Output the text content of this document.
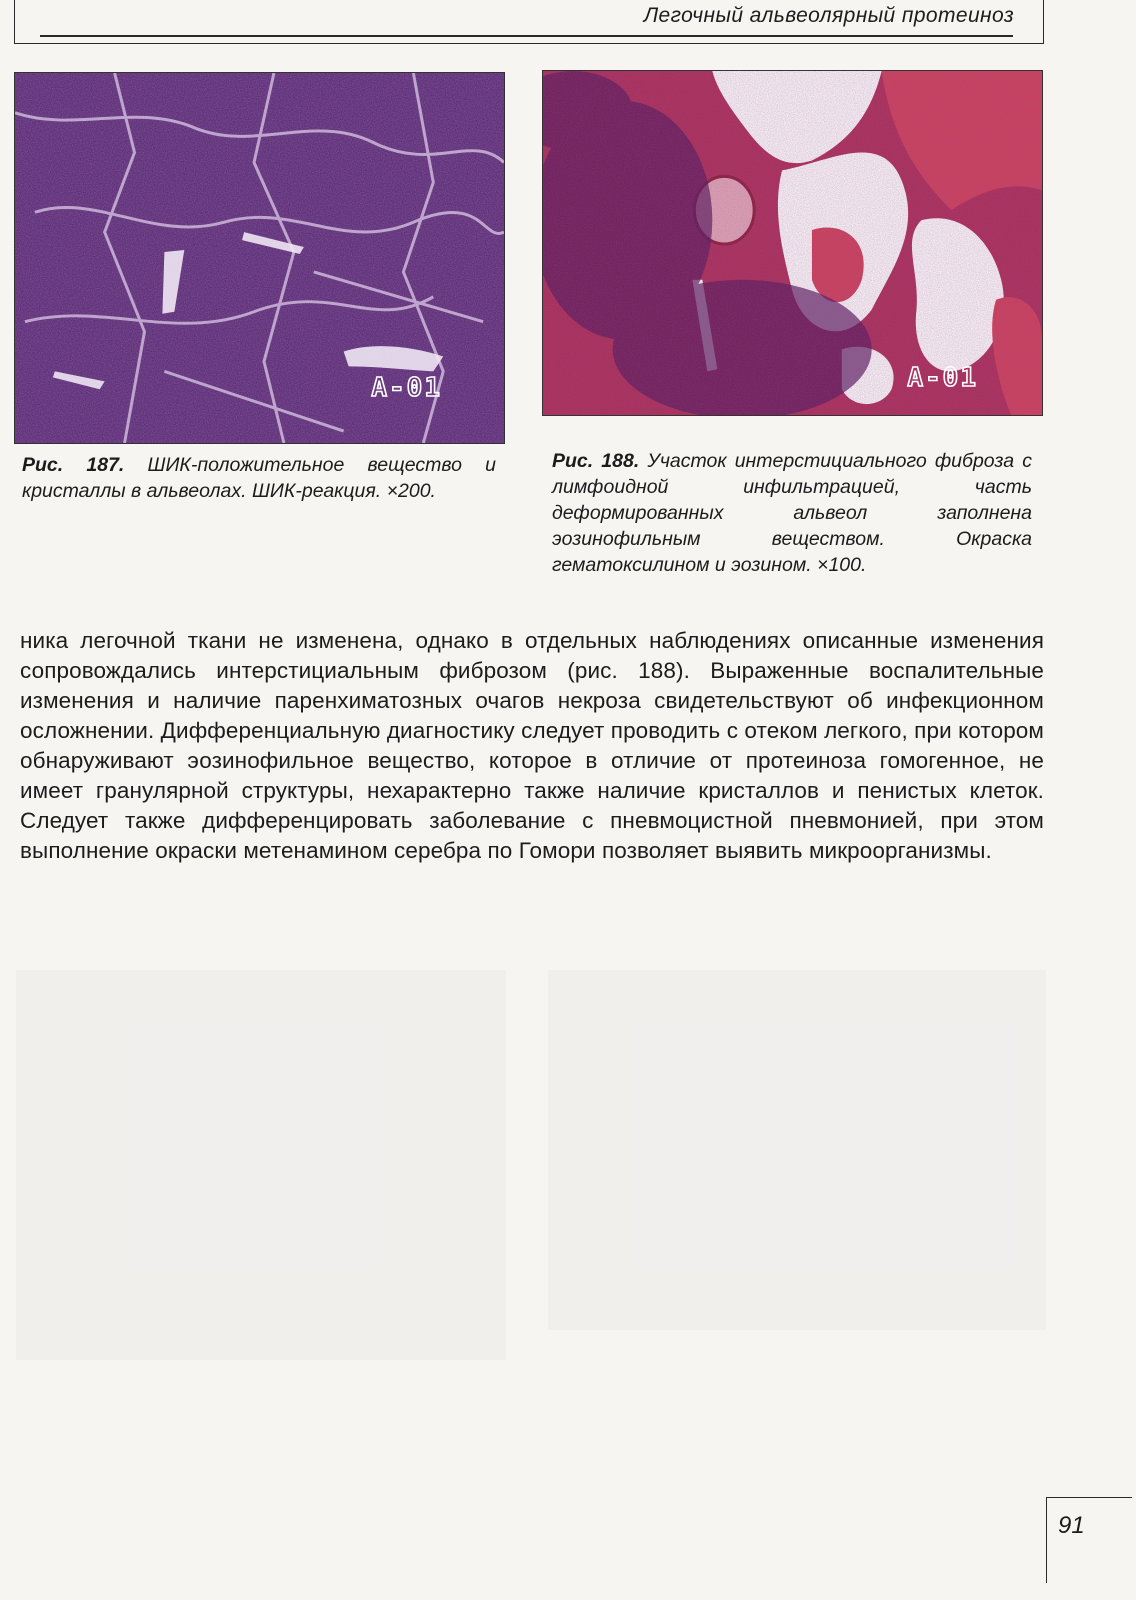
Легочный альвеолярный протеиноз
A-01
Рис. 187. ШИК-положительное вещество и кристаллы в альвеолах. ШИК-реакция. ×200.
A-01
Рис. 188. Участок интерстициального фиброза с лимфоидной инфильтрацией, часть деформированных альвеол заполнена эозинофильным веществом. Окраска гематоксилином и эозином. ×100.
ника легочной ткани не изменена, однако в отдельных наблюдениях описанные изменения сопровождались интерстициальным фиброзом (рис. 188). Выраженные воспалительные изменения и наличие паренхиматозных очагов некроза свидетельствуют об инфекционном осложнении. Дифференциальную диагностику следует проводить с отеком легкого, при котором обнаруживают эозинофильное вещество, которое в отличие от протеиноза гомогенное, не имеет гранулярной структуры, нехарактерно также наличие кристаллов и пенистых клеток. Следует также дифференцировать заболевание с пневмоцистной пневмонией, при этом выполнение окраски метенамином серебра по Гомори позволяет выявить микроорганизмы.
91
